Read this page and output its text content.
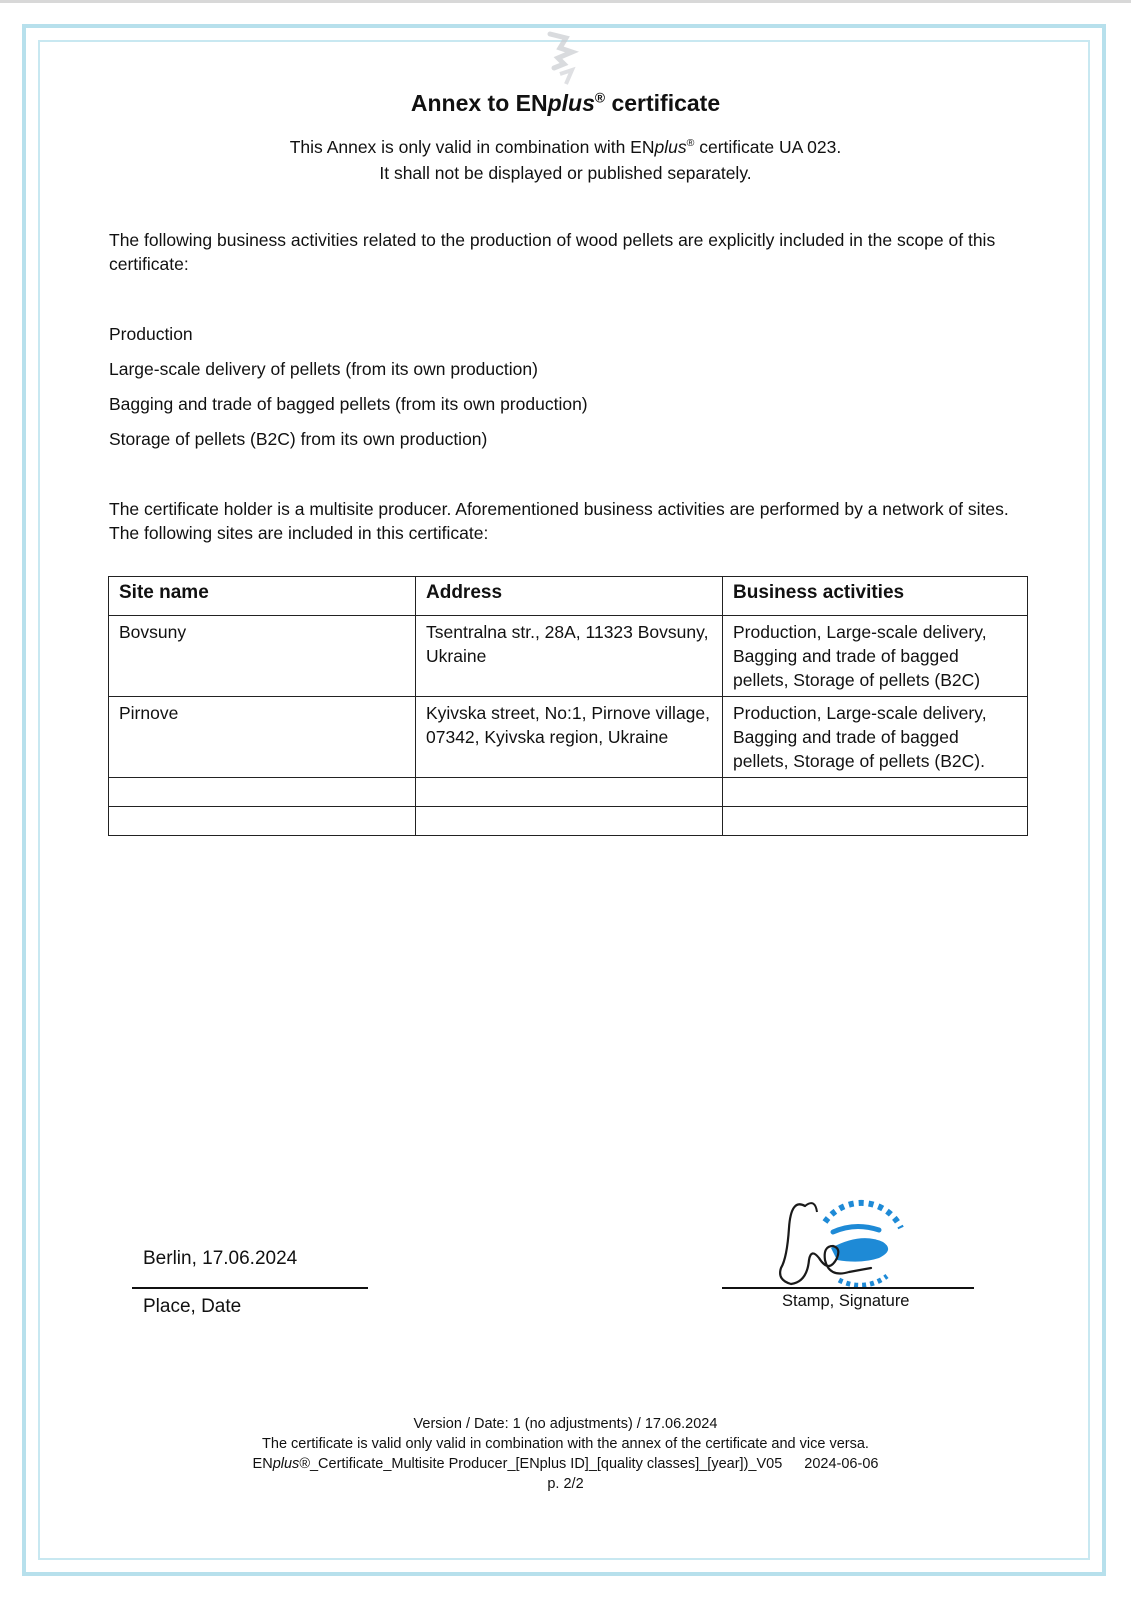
Annex to ENplus® certificate
This Annex is only valid in combination with ENplus® certificate UA 023.
It shall not be displayed or published separately.
The following business activities related to the production of wood pellets are explicitly included in the scope of this certificate:
Production
Large-scale delivery of pellets (from its own production)
Bagging and trade of bagged pellets (from its own production)
Storage of pellets (B2C) from its own production)
The certificate holder is a multisite producer. Aforementioned business activities are performed by a network of sites. The following sites are included in this certificate:
Site name	Address	Business activities
Bovsuny	Tsentralna str., 28A, 11323 Bovsuny, Ukraine	Production, Large-scale delivery, Bagging and trade of bagged pellets, Storage of pellets (B2C)
Pirnove	Kyivska street, No:1, Pirnove village, 07342, Kyivska region, Ukraine	Production, Large-scale delivery, Bagging and trade of bagged pellets, Storage of pellets (B2C).

Berlin, 17.06.2024
Place, Date	Stamp, Signature
Version / Date: 1 (no adjustments) / 17.06.2024
The certificate is valid only valid in combination with the annex of the certificate and vice versa.
ENplus®_Certificate_Multisite Producer_[ENplus ID]_[quality classes]_[year])_V05 2024-06-06
p. 2/2
